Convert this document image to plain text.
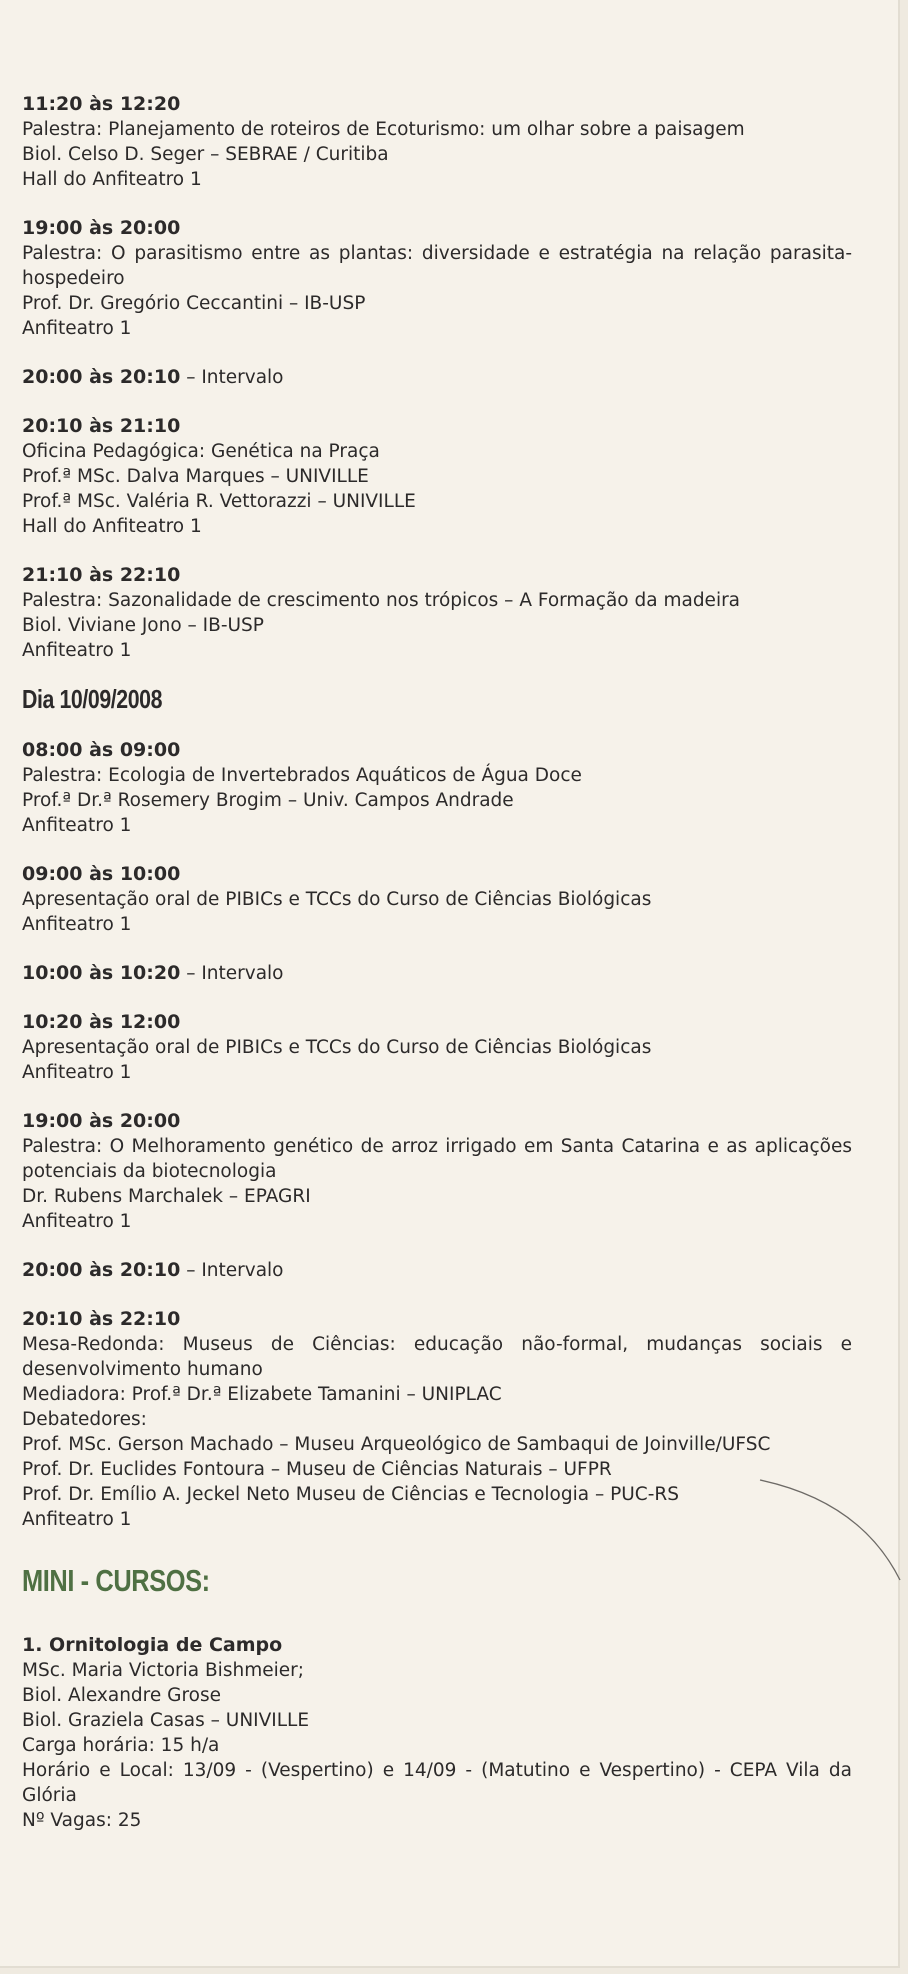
11:20 às 12:20
Palestra: Planejamento de roteiros de Ecoturismo: um olhar sobre a paisagem
Biol. Celso D. Seger – SEBRAE / Curitiba
Hall do Anfiteatro 1
19:00 às 20:00
Palestra: O parasitismo entre as plantas: diversidade e estratégia na relação parasita-hospedeiro
Prof. Dr. Gregório Ceccantini – IB-USP
Anfiteatro 1
20:00 às 20:10 – Intervalo
20:10 às 21:10
Oficina Pedagógica: Genética na Praça
Prof.ª MSc. Dalva Marques – UNIVILLE
Prof.ª MSc. Valéria R. Vettorazzi – UNIVILLE
Hall do Anfiteatro 1
21:10 às 22:10
Palestra: Sazonalidade de crescimento nos trópicos – A Formação da madeira
Biol. Viviane Jono – IB-USP
Anfiteatro 1
Dia 10/09/2008
08:00 às 09:00
Palestra: Ecologia de Invertebrados Aquáticos de Água Doce
Prof.ª Dr.ª Rosemery Brogim – Univ. Campos Andrade
Anfiteatro 1
09:00 às 10:00
Apresentação oral de PIBICs e TCCs do Curso de Ciências Biológicas
Anfiteatro 1
10:00 às 10:20 – Intervalo
10:20 às 12:00
Apresentação oral de PIBICs e TCCs do Curso de Ciências Biológicas
Anfiteatro 1
19:00 às 20:00
Palestra: O Melhoramento genético de arroz irrigado em Santa Catarina e as aplicações potenciais da biotecnologia
Dr. Rubens Marchalek – EPAGRI
Anfiteatro 1
20:00 às 20:10 – Intervalo
20:10 às 22:10
Mesa-Redonda: Museus de Ciências: educação não-formal, mudanças sociais e desenvolvimento humano
Mediadora: Prof.ª Dr.ª Elizabete Tamanini – UNIPLAC
Debatedores:
Prof. MSc. Gerson Machado – Museu Arqueológico de Sambaqui de Joinville/UFSC
Prof. Dr. Euclides Fontoura – Museu de Ciências Naturais – UFPR
Prof. Dr. Emílio A. Jeckel Neto Museu de Ciências e Tecnologia – PUC-RS
Anfiteatro 1
MINI - CURSOS:
1. Ornitologia de Campo
MSc. Maria Victoria Bishmeier;
Biol. Alexandre Grose
Biol. Graziela Casas – UNIVILLE
Carga horária: 15 h/a
Horário e Local: 13/09 - (Vespertino) e 14/09 - (Matutino e Vespertino) - CEPA Vila da Glória
Nº Vagas: 25
